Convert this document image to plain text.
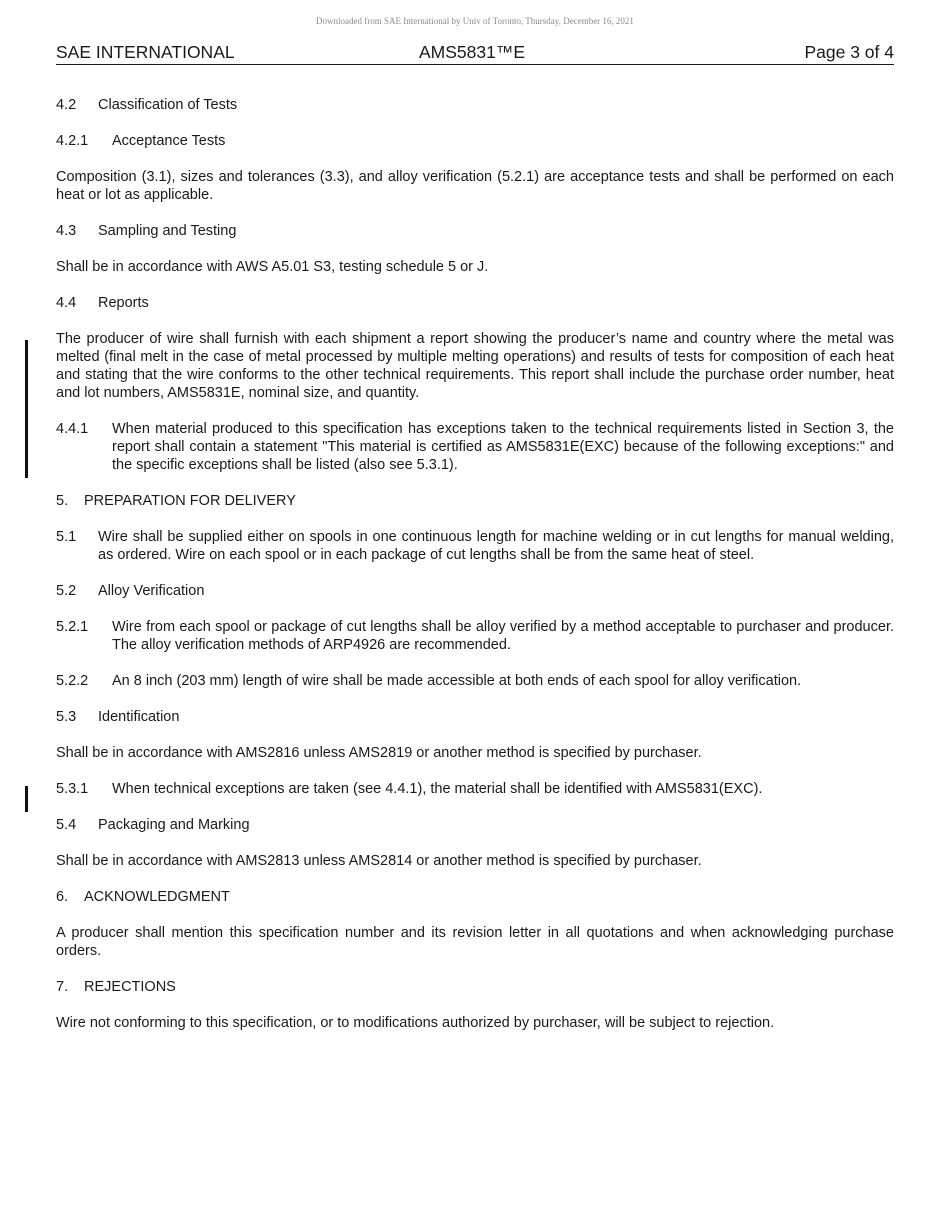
Downloaded from SAE International by Univ of Toronto, Thursday, December 16, 2021
SAE INTERNATIONAL	AMS5831™E	Page 3 of 4
4.2 Classification of Tests
4.2.1 Acceptance Tests

Composition (3.1), sizes and tolerances (3.3), and alloy verification (5.2.1) are acceptance tests and shall be performed on each heat or lot as applicable.

4.3 Sampling and Testing

Shall be in accordance with AWS A5.01 S3, testing schedule 5 or J.

4.4 Reports

The producer of wire shall furnish with each shipment a report showing the producer’s name and country where the metal was melted (final melt in the case of metal processed by multiple melting operations) and results of tests for composition of each heat and stating that the wire conforms to the other technical requirements. This report shall include the purchase order number, heat and lot numbers, AMS5831E, nominal size, and quantity.

4.4.1	When material produced to this specification has exceptions taken to the technical requirements listed in Section 3, the report shall contain a statement "This material is certified as AMS5831E(EXC) because of the following exceptions:" and the specific exceptions shall be listed (also see 5.3.1).
5. PREPARATION FOR DELIVERY
5.1	Wire shall be supplied either on spools in one continuous length for machine welding or in cut lengths for manual welding, as ordered. Wire on each spool or in each package of cut lengths shall be from the same heat of steel.
5.2 Alloy Verification
5.2.1	Wire from each spool or package of cut lengths shall be alloy verified by a method acceptable to purchaser and producer. The alloy verification methods of ARP4926 are recommended.
5.2.2	An 8 inch (203 mm) length of wire shall be made accessible at both ends of each spool for alloy verification.
5.3 Identification

Shall be in accordance with AMS2816 unless AMS2819 or another method is specified by purchaser.

5.3.1	When technical exceptions are taken (see 4.4.1), the material shall be identified with AMS5831(EXC).
5.4 Packaging and Marking

Shall be in accordance with AMS2813 unless AMS2814 or another method is specified by purchaser.

6. ACKNOWLEDGMENT

A producer shall mention this specification number and its revision letter in all quotations and when acknowledging purchase orders.

7. REJECTIONS

Wire not conforming to this specification, or to modifications authorized by purchaser, will be subject to rejection.
